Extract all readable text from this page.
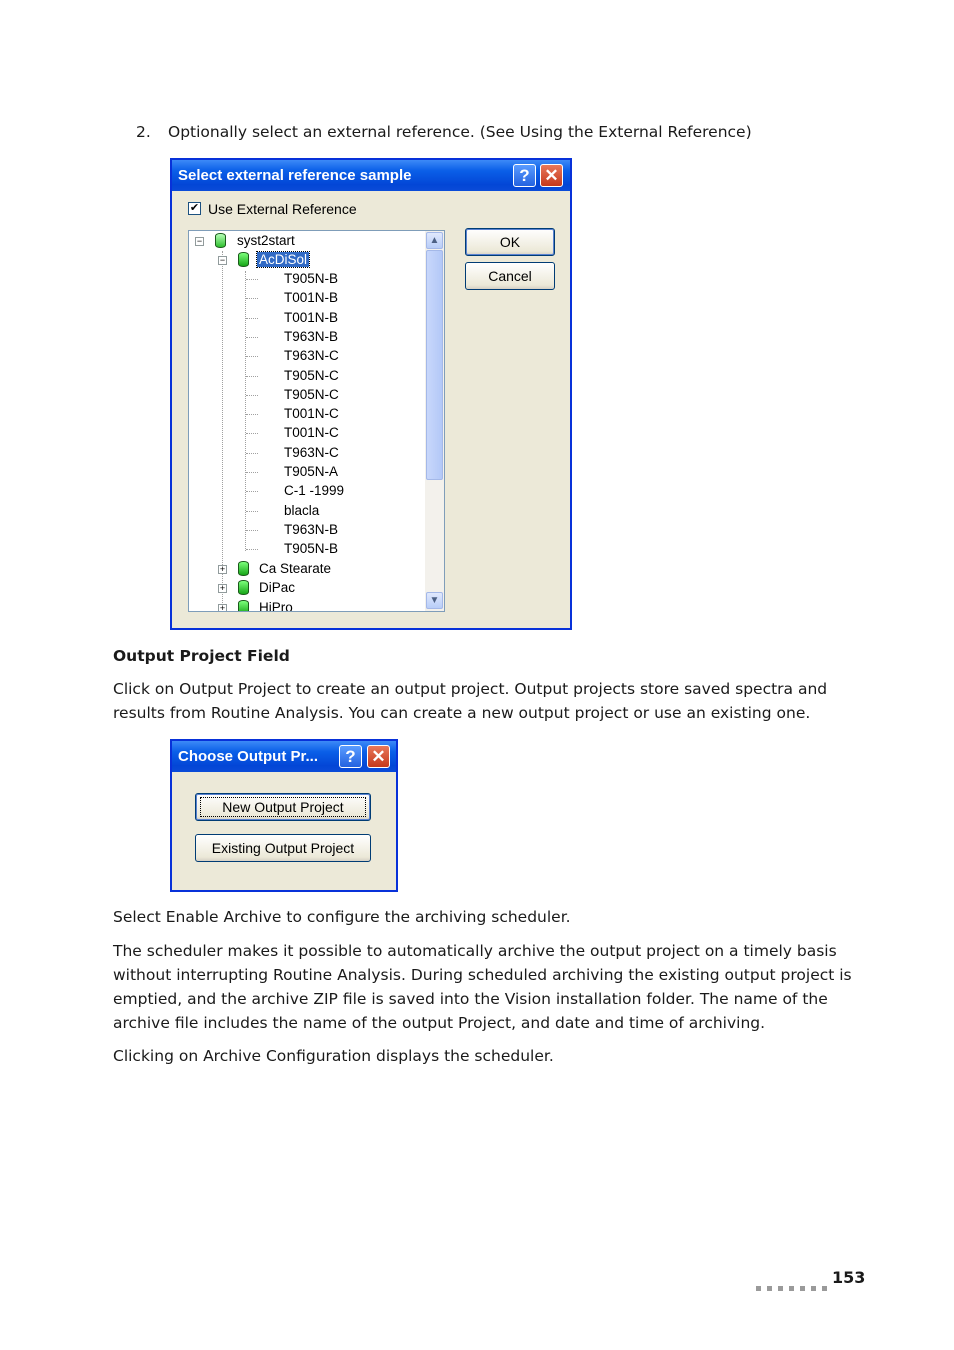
2. Optionally select an external reference. (See Using the External Reference)
Select external reference sample	? ✕
✔ Use External Reference
−	syst2start
−	AcDiSol
T905N-B
T001N-B
T001N-B
T963N-B
T963N-C
T905N-C
T905N-C
T001N-C
T001N-C
T963N-C
T905N-A
C-1 -1999
blacla
T963N-B
T905N-B
+	Ca Stearate
+	DiPac
+	HiPro
▲
▼
OK
Cancel
Output Project Field

Click on Output Project to create an output project. Output projects store saved spectra and results from Routine Analysis. You can create a new output project or use an existing one.

Choose Output Pr...	? ✕
New Output Project
Existing Output Project

Select Enable Archive to configure the archiving scheduler.

The scheduler makes it possible to automatically archive the output project on a timely basis without interrupting Routine Analysis. During scheduled archiving the existing output project is emptied, and the archive ZIP file is saved into the Vision installation folder. The name of the archive file includes the name of the output Project, and date and time of archiving.

Clicking on Archive Configuration displays the scheduler.

153
